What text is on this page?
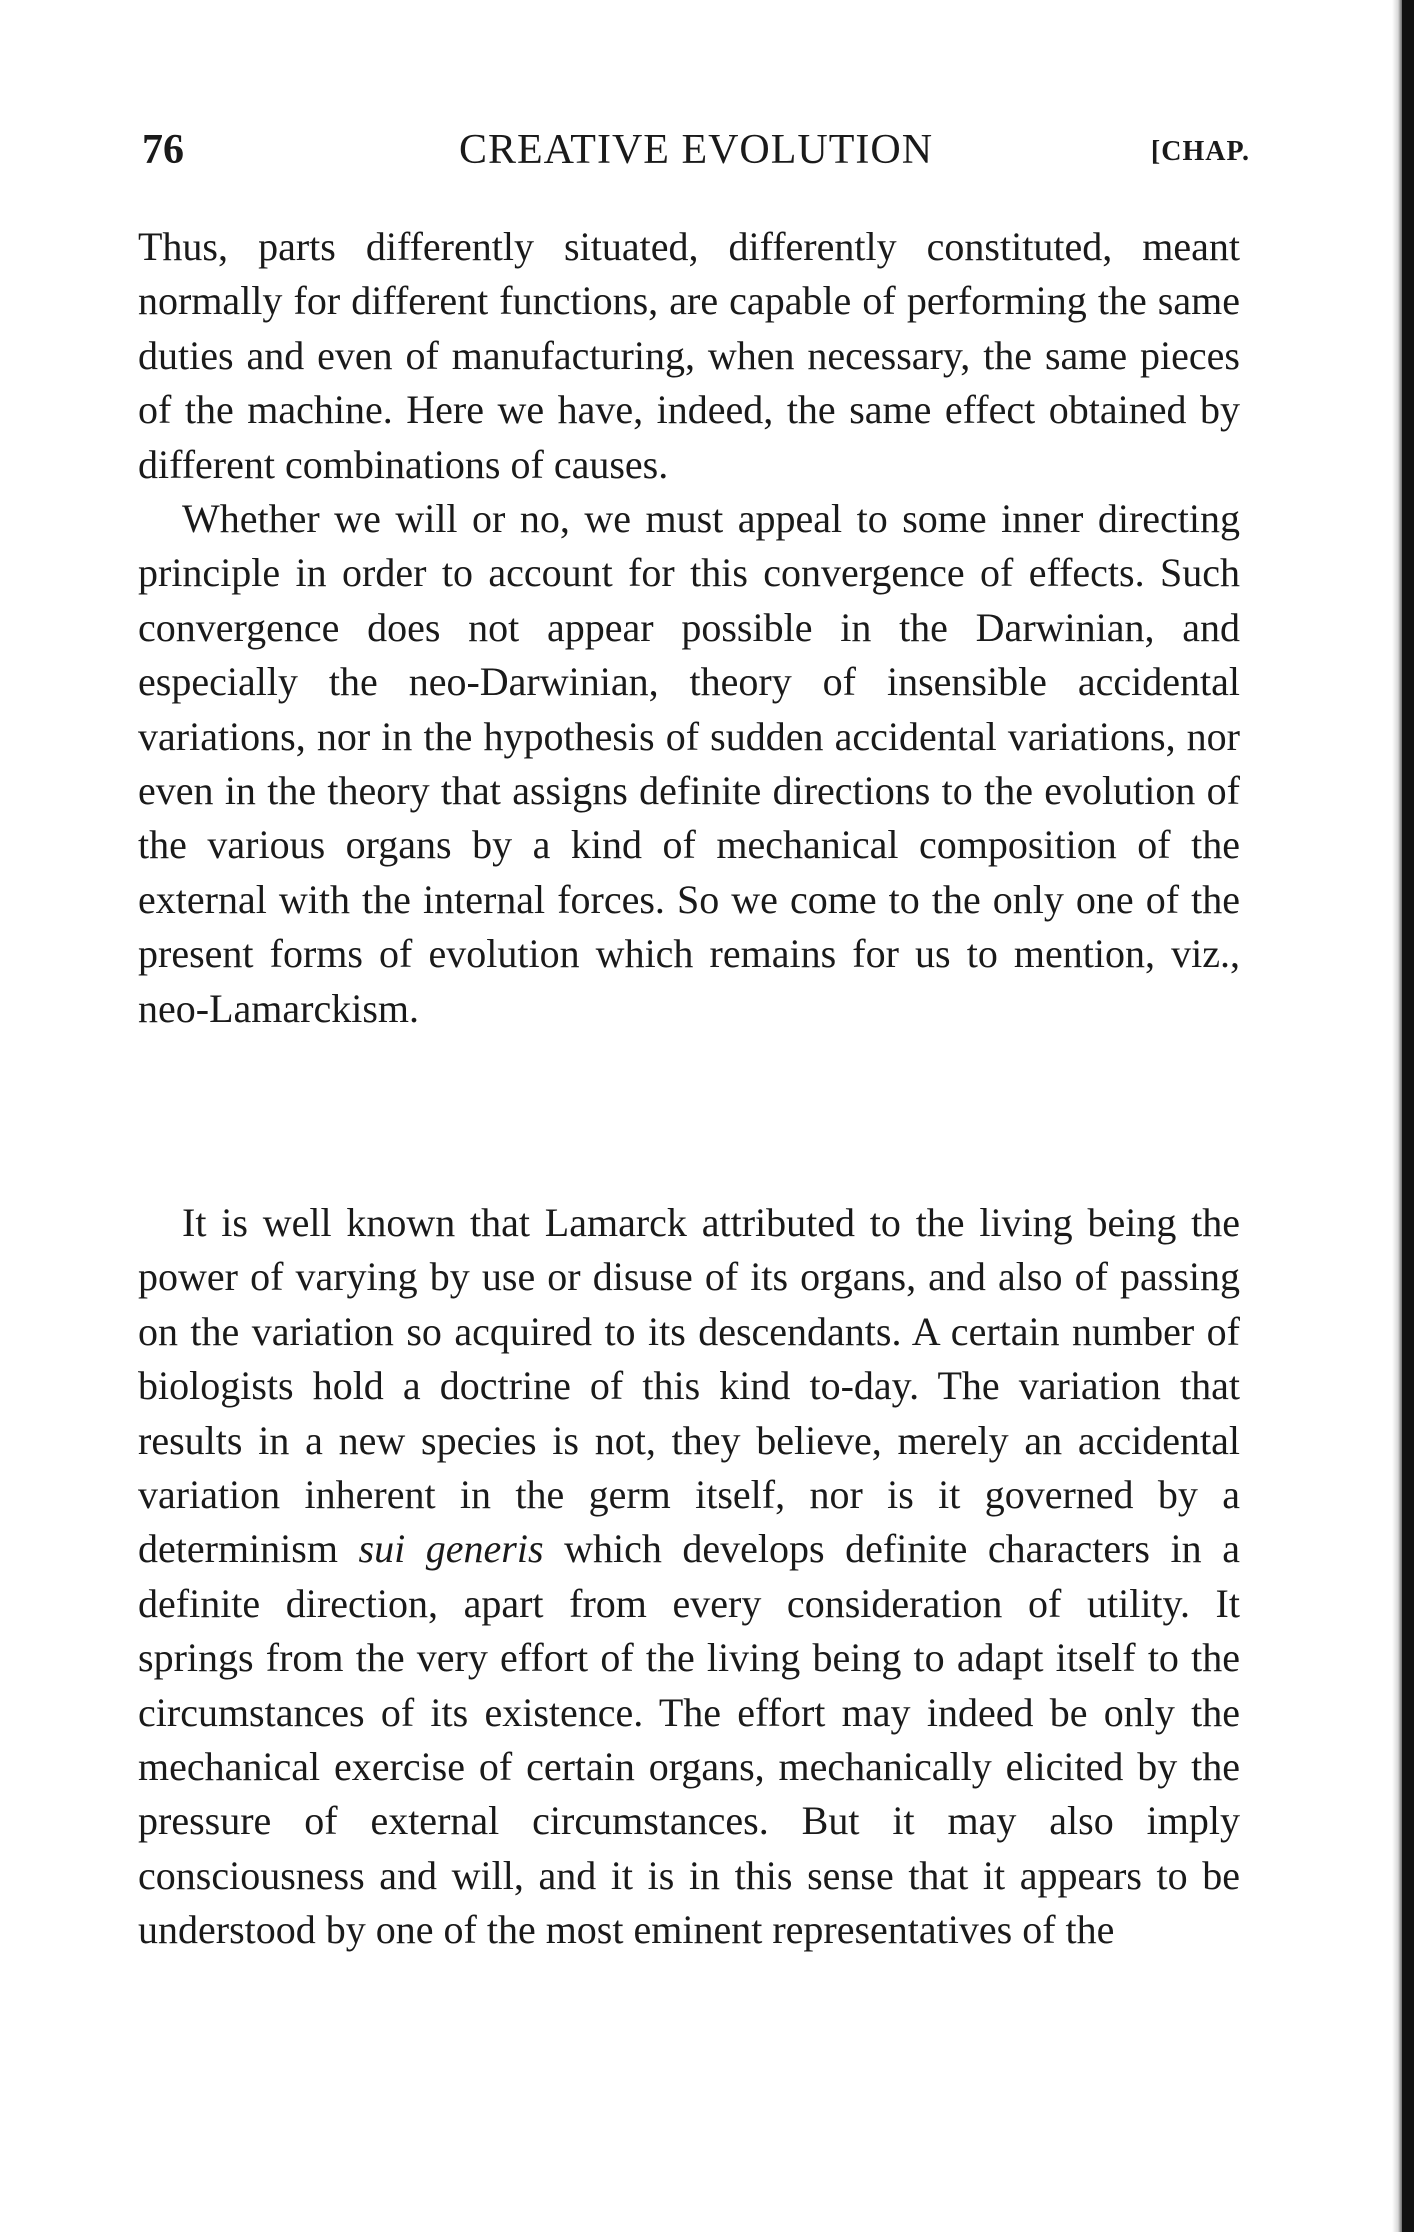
76	CREATIVE EVOLUTION	[CHAP.

Thus, parts differently situated, differently constituted, meant normally for different functions, are capable of performing the same duties and even of manufacturing, when necessary, the same pieces of the machine. Here we have, indeed, the same effect obtained by different combinations of causes.

Whether we will or no, we must appeal to some inner directing principle in order to account for this convergence of effects. Such convergence does not appear possible in the Darwinian, and especially the neo-Darwinian, theory of insensible accidental variations, nor in the hypothesis of sudden accidental variations, nor even in the theory that assigns definite directions to the evolution of the various organs by a kind of mechanical composition of the external with the internal forces. So we come to the only one of the present forms of evolution which remains for us to mention, viz., neo-Lamarckism.

It is well known that Lamarck attributed to the living being the power of varying by use or disuse of its organs, and also of passing on the variation so acquired to its descendants. A certain number of biologists hold a doctrine of this kind to-day. The variation that results in a new species is not, they believe, merely an accidental variation inherent in the germ itself, nor is it governed by a determinism sui generis which develops definite characters in a definite direction, apart from every consideration of utility. It springs from the very effort of the living being to adapt itself to the circumstances of its existence. The effort may indeed be only the mechanical exercise of certain organs, mechanically elicited by the pressure of external circumstances. But it may also imply consciousness and will, and it is in this sense that it appears to be understood by one of the most eminent representatives of the
